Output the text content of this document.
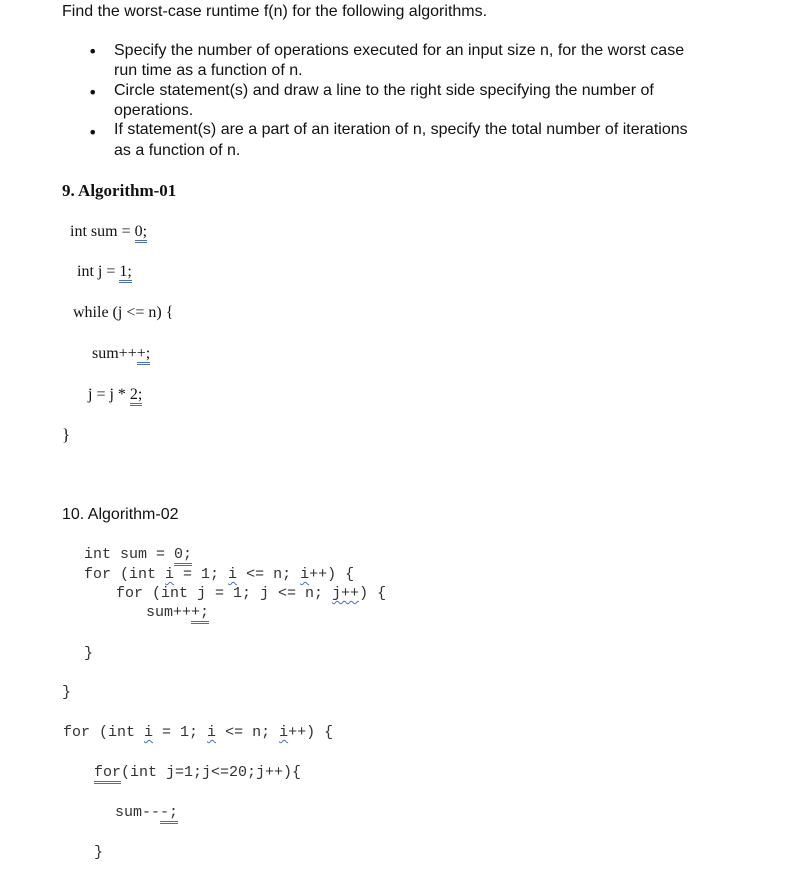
Find the worst-case runtime f(n) for the following algorithms.
• Specify the number of operations executed for an input size n, for the worst case
run time as a function of n.
• Circle statement(s) and draw a line to the right side specifying the number of
operations.
• If statement(s) are a part of an iteration of n, specify the total number of iterations
as a function of n.
9. Algorithm-01
int sum = 0;
int j = 1;
while (j <= n) {
sum+++;
j = j * 2;
}
10. Algorithm-02
int sum = 0;
for (int i = 1; i <= n; i++) {
for (int j = 1; j <= n; j++) {
sum+++;
}
}
for (int i = 1; i <= n; i++) {
for(int j=1;j<=20;j++){
sum---;
}
